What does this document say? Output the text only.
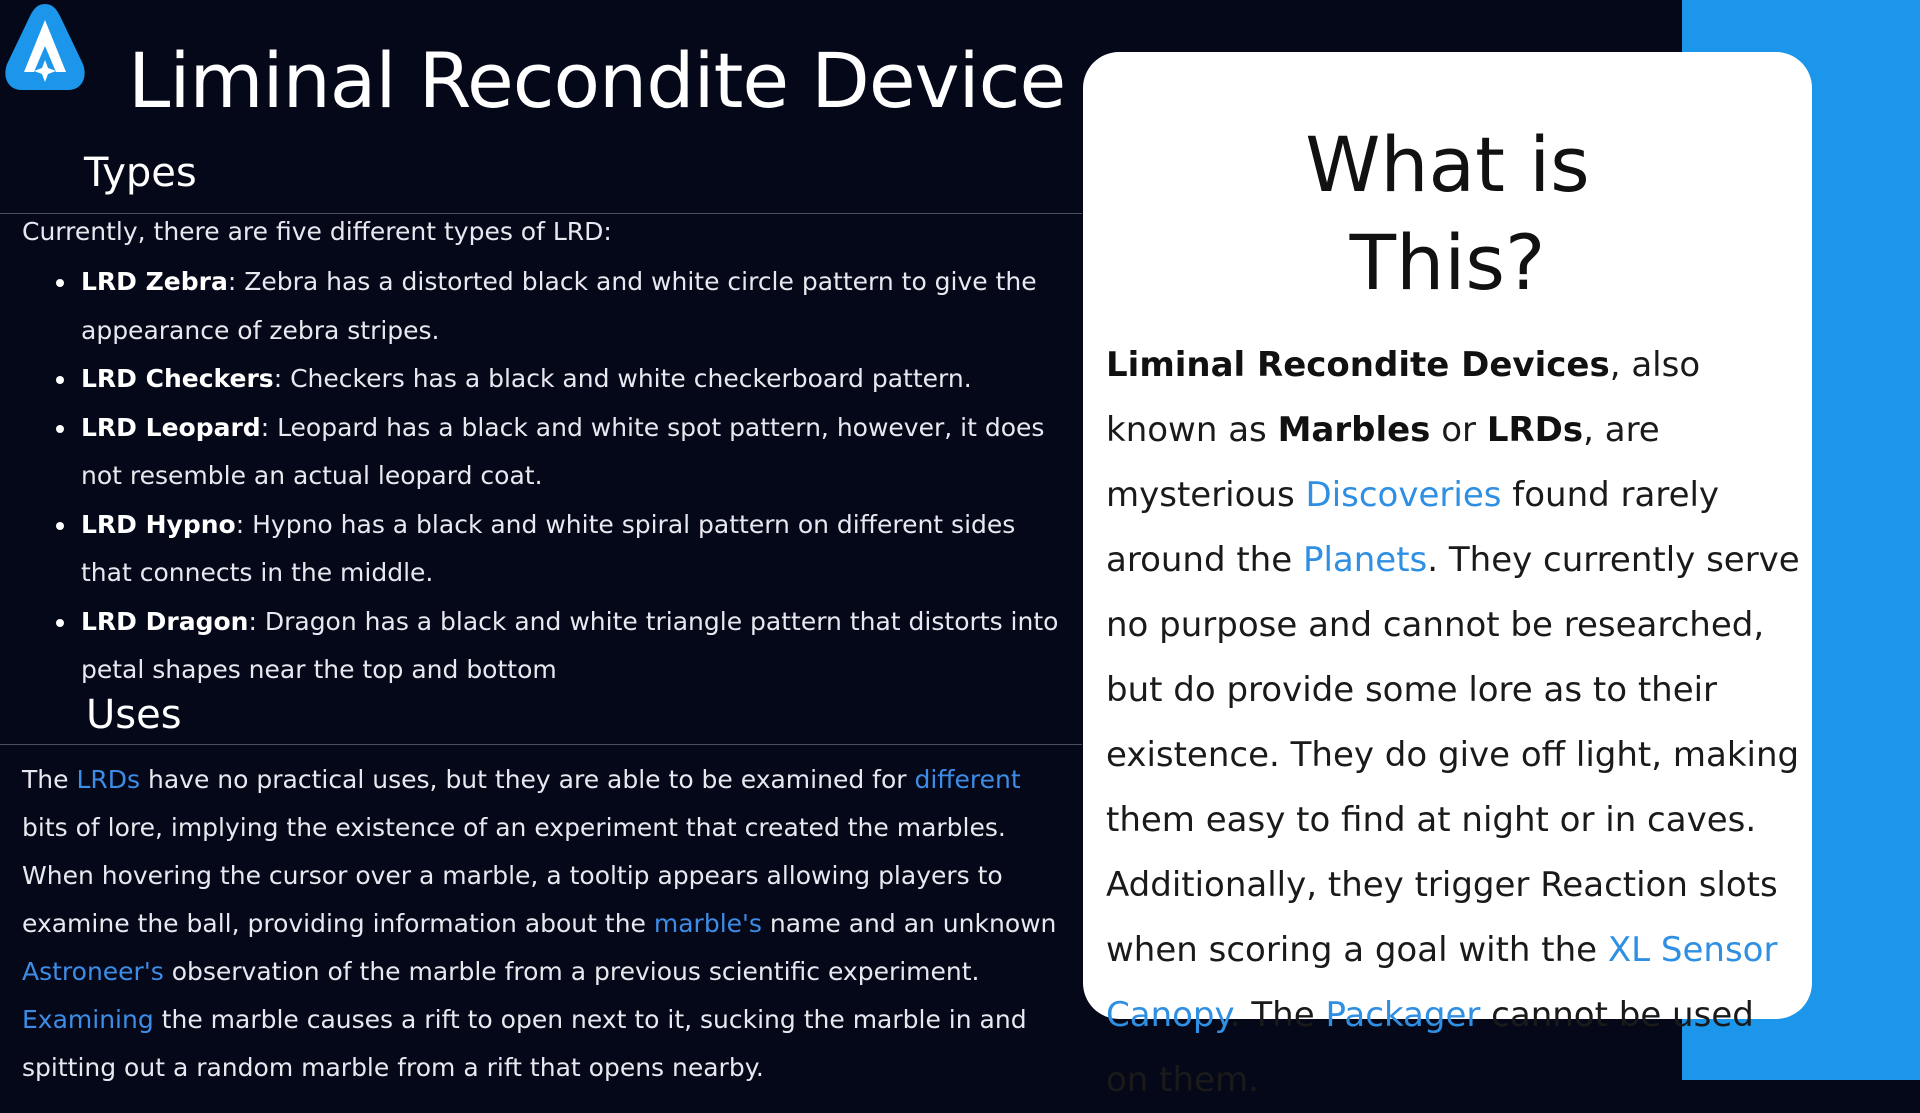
Liminal Recondite Device
Types

Currently, there are five different types of LRD:

LRD Zebra: Zebra has a distorted black and white circle pattern to give the appearance of zebra stripes.
LRD Checkers: Checkers has a black and white checkerboard pattern.
LRD Leopard: Leopard has a black and white spot pattern, however, it does not resemble an actual leopard coat.
LRD Hypno: Hypno has a black and white spiral pattern on different sides that connects in the middle.
LRD Dragon: Dragon has a black and white triangle pattern that distorts into petal shapes near the top and bottom
Uses

The LRDs have no practical uses, but they are able to be examined for different bits of lore, implying the existence of an experiment that created the marbles. When hovering the cursor over a marble, a tooltip appears allowing players to examine the ball, providing information about the marble's name and an unknown Astroneer's observation of the marble from a previous scientific experiment. Examining the marble causes a rift to open next to it, sucking the marble in and spitting out a random marble from a rift that opens nearby.

What is
This?

Liminal Recondite Devices, also known as Marbles or LRDs, are mysterious Discoveries found rarely around the Planets. They currently serve no purpose and cannot be researched, but do provide some lore as to their existence. They do give off light, making them easy to find at night or in caves. Additionally, they trigger Reaction slots when scoring a goal with the XL Sensor Canopy. The Packager cannot be used on them.
